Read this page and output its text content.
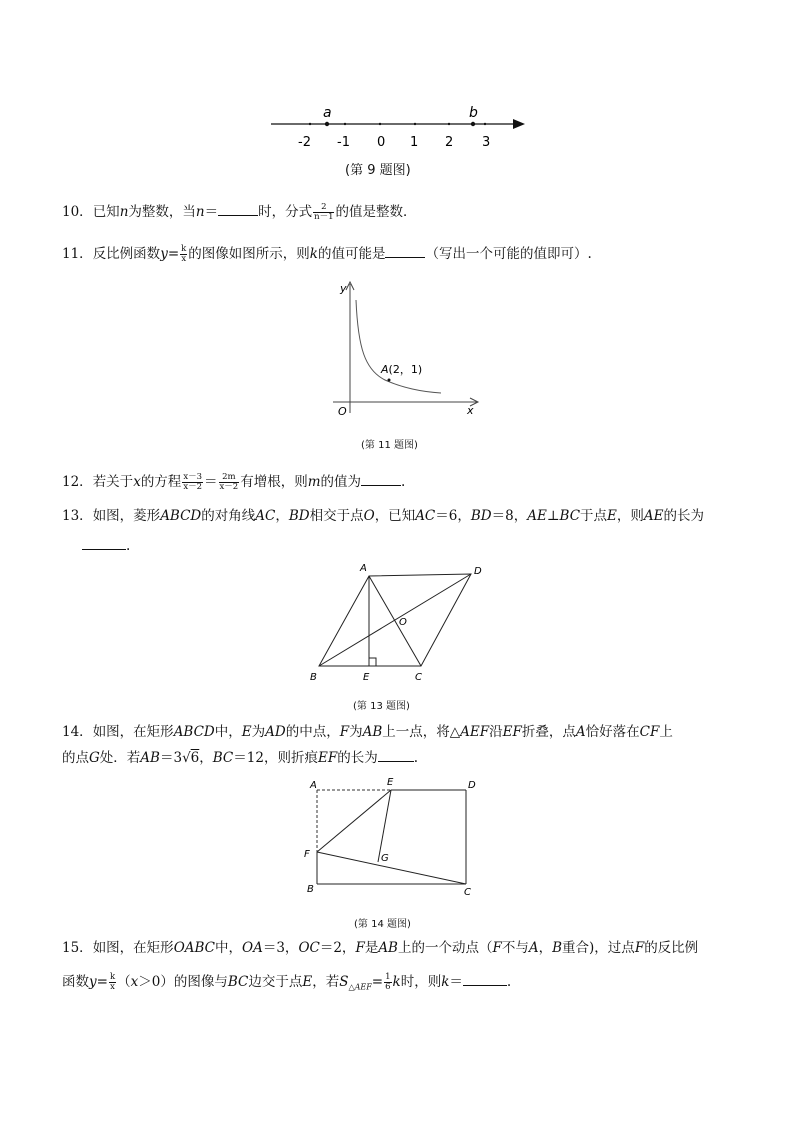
a	b
-2 -1 0 1 2 3
(第 9 题图)
10．已知n为整数，当n＝	时，分式 $\frac{2}{n-1}$ 的值是整数．
11．反比例函数$y= \frac{k}{x}$ 的图像如图所示，则k的值可能是	（写出一个可能的值即可）.
y
x
O
A(2，1)
(第 11 题图)
12．若关于x的方程 $\frac{x-3}{x-2} = \frac{2m}{x-2}$ 有增根，则m的值为	.
13．如图，菱形ABCD的对角线AC，BD相交于点O，已知AC＝6，BD＝8，AE⊥BC于点E，则AE的长为
.
A	D
O
B	E	C
(第 13 题图)
14．如图，在矩形ABCD中，E为AD的中点，F为AB上一点，将△AEF沿EF折叠，点A恰好落在CF上
的点G处．若AB＝3√6，BC＝12，则折痕EF的长为	.
A	E	D
F	G
B	C
(第 14 题图)
15．如图，在矩形OABC中，OA＝3，OC＝2，F是AB上的一个动点（F不与A，B重合)，过点F的反比例
函数$y= \frac{k}{x} (x>0)$的图像与BC边交于点E，若$S_{\triangle AEF}= \frac{1}{6}$ k时，则k＝	.
